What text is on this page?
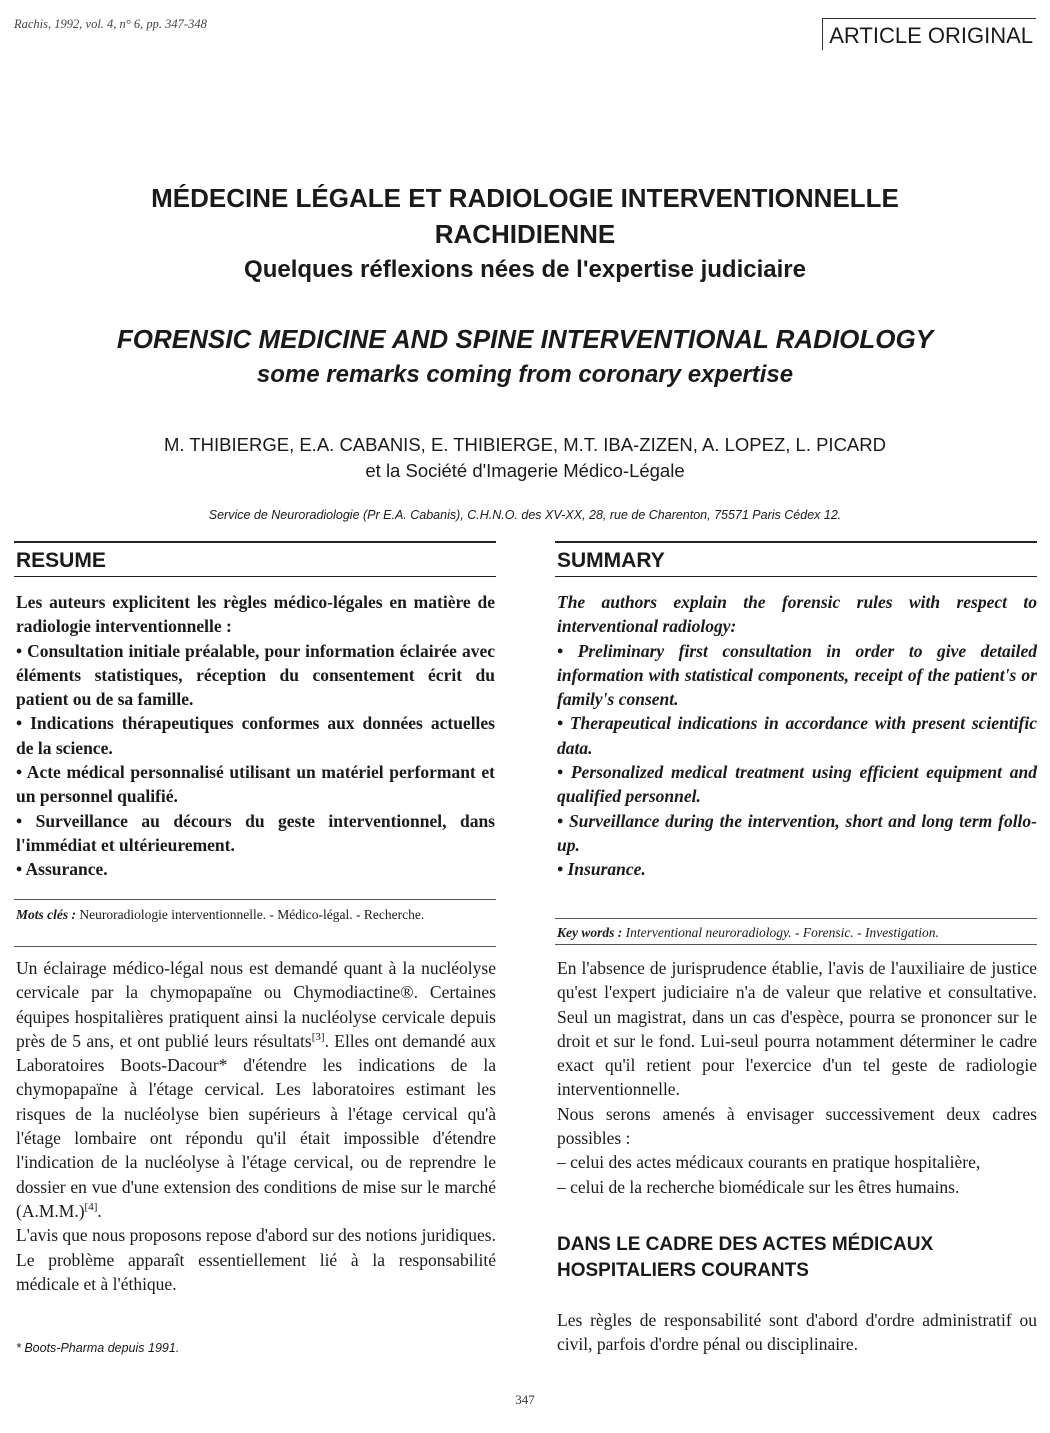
Rachis, 1992, vol. 4, n° 6, pp. 347-348	ARTICLE ORIGINAL

MÉDECINE LÉGALE ET RADIOLOGIE INTERVENTIONNELLE

RACHIDIENNE

Quelques réflexions nées de l'expertise judiciaire

FORENSIC MEDICINE AND SPINE INTERVENTIONAL RADIOLOGY

some remarks coming from coronary expertise

M. THIBIERGE, E.A. CABANIS, E. THIBIERGE, M.T. IBA-ZIZEN, A. LOPEZ, L. PICARD
et la Société d'Imagerie Médico-Légale
Service de Neuroradiologie (Pr E.A. Cabanis), C.H.N.O. des XV-XX, 28, rue de Charenton, 75571 Paris Cédex 12.
RESUME

Les auteurs explicitent les règles médico-légales en matière de radiologie interventionnelle :

• Consultation initiale préalable, pour information éclairée avec éléments statistiques, réception du consentement écrit du patient ou de sa famille.

• Indications thérapeutiques conformes aux données actuelles de la science.

• Acte médical personnalisé utilisant un matériel performant et un personnel qualifié.

• Surveillance au décours du geste interventionnel, dans l'immédiat et ultérieurement.

• Assurance.

Mots clés : Neuroradiologie interventionnelle. - Médico-légal. - Recherche.
SUMMARY

The authors explain the forensic rules with respect to interventional radiology:

• Preliminary first consultation in order to give detailed information with statistical components, receipt of the patient's or family's consent.

• Therapeutical indications in accordance with present scientific data.

• Personalized medical treatment using efficient equipment and qualified personnel.

• Surveillance during the intervention, short and long term follo-up.

• Insurance.

Key words : Interventional neuroradiology. - Forensic. - Investigation.

Un éclairage médico-légal nous est demandé quant à la nucléolyse cervicale par la chymopapaïne ou Chymodiactine®. Certaines équipes hospitalières pratiquent ainsi la nucléolyse cervicale depuis près de 5 ans, et ont publié leurs résultats[3]. Elles ont demandé aux Laboratoires Boots-Dacour* d'étendre les indications de la chymopapaïne à l'étage cervical. Les laboratoires estimant les risques de la nucléolyse bien supérieurs à l'étage cervical qu'à l'étage lombaire ont répondu qu'il était impossible d'étendre l'indication de la nucléolyse à l'étage cervical, ou de reprendre le dossier en vue d'une extension des conditions de mise sur le marché (A.M.M.)[4].

L'avis que nous proposons repose d'abord sur des notions juridiques. Le problème apparaît essentiellement lié à la responsabilité médicale et à l'éthique.

* Boots-Pharma depuis 1991.

En l'absence de jurisprudence établie, l'avis de l'auxiliaire de justice qu'est l'expert judiciaire n'a de valeur que relative et consultative. Seul un magistrat, dans un cas d'espèce, pourra se prononcer sur le droit et sur le fond. Lui-seul pourra notamment déterminer le cadre exact qu'il retient pour l'exercice d'un tel geste de radiologie interventionnelle.

Nous serons amenés à envisager successivement deux cadres possibles :

– celui des actes médicaux courants en pratique hospitalière,

– celui de la recherche biomédicale sur les êtres humains.

DANS LE CADRE DES ACTES MÉDICAUX
HOSPITALIERS COURANTS
Les règles de responsabilité sont d'abord d'ordre administratif ou civil, parfois d'ordre pénal ou disciplinaire.
347
